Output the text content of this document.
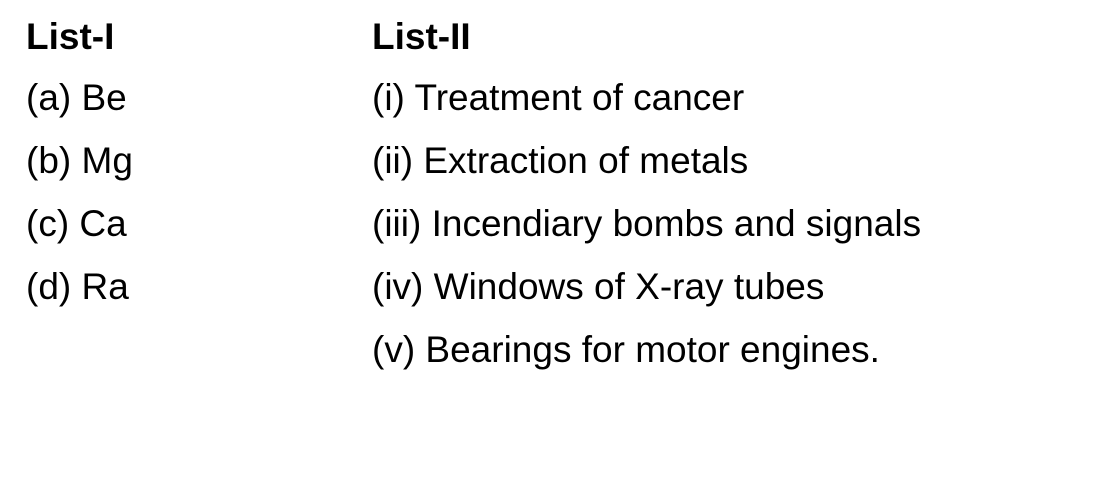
List-I	List-II
(a) Be	(i) Treatment of cancer
(b) Mg	(ii) Extraction of metals
(c) Ca	(iii) Incendiary bombs and signals
(d) Ra	(iv) Windows of X-ray tubes
	(v) Bearings for motor engines.
